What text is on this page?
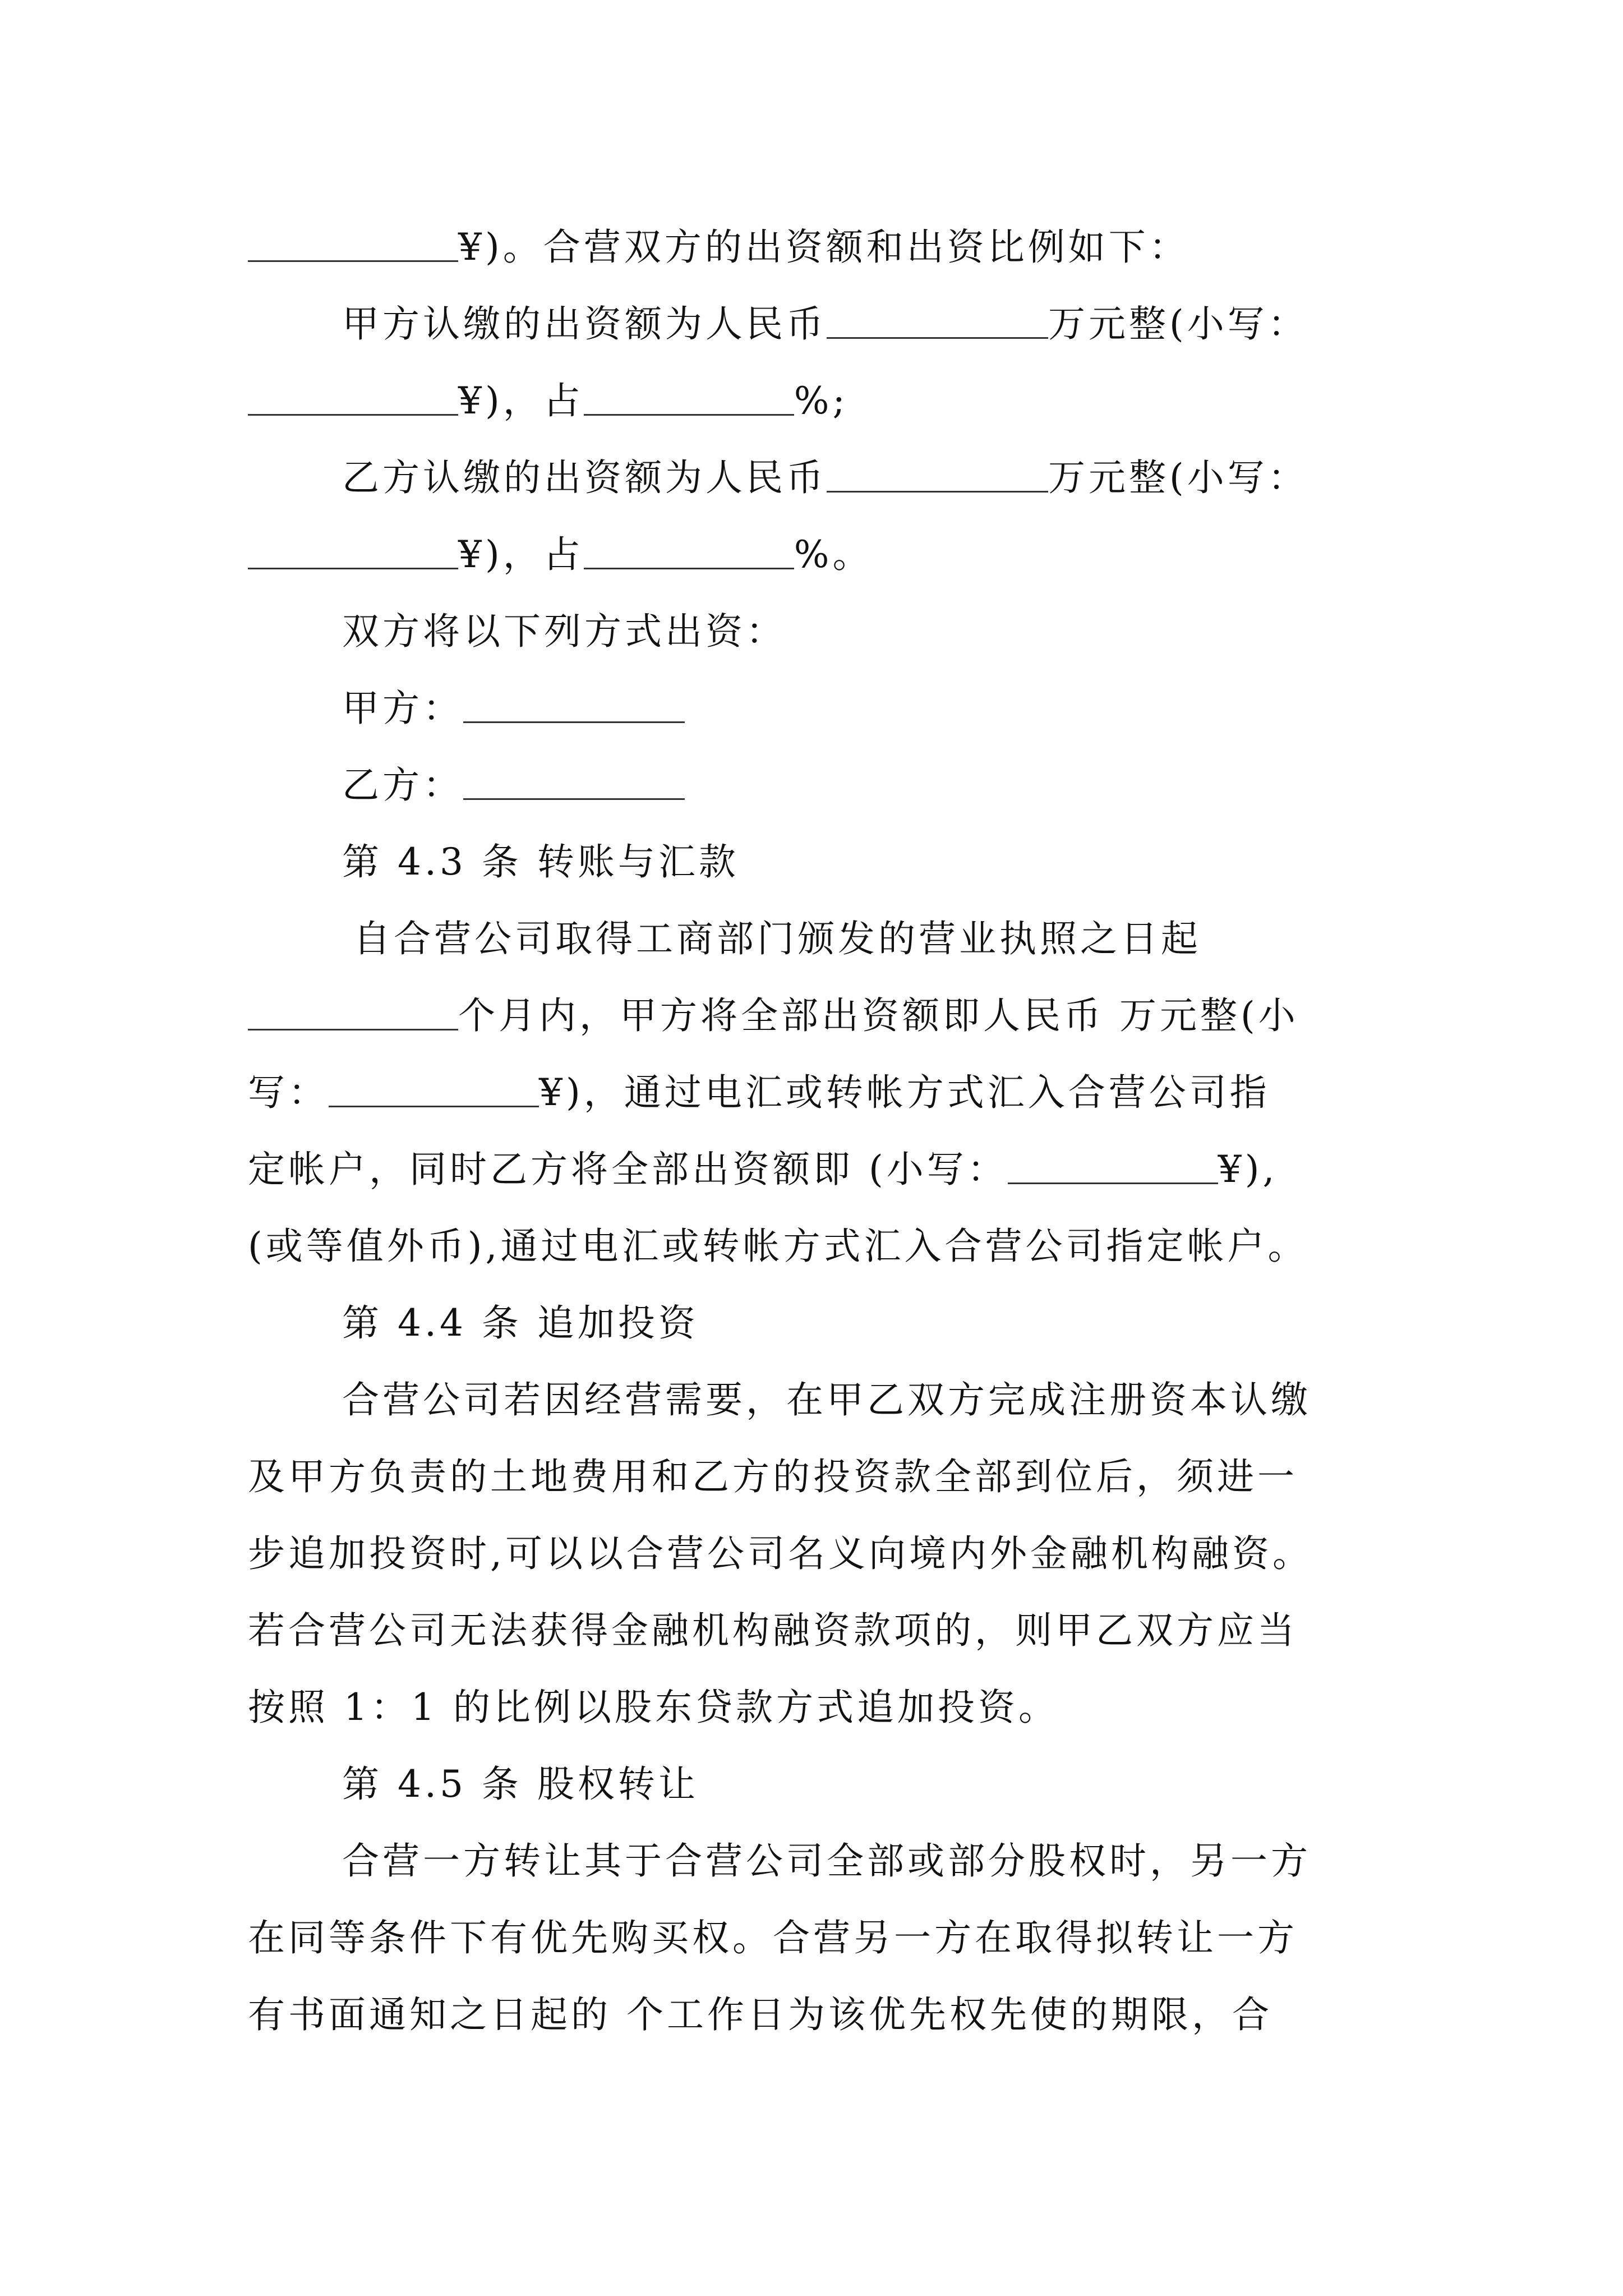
¥)。合营双方的出资额和出资比例如下：
甲方认缴的出资额为人民币	万元整(小写：
¥)，占	%;
乙方认缴的出资额为人民币	万元整(小写：
¥)，占	%。
双方将以下列方式出资：
甲方：
乙方：
第 4.3 条 转账与汇款
自合营公司取得工商部门颁发的营业执照之日起
个月内，甲方将全部出资额即人民币 万元整(小
写：	¥)，通过电汇或转帐方式汇入合营公司指
定帐户，同时乙方将全部出资额即 (小写：	¥),
(或等值外币),通过电汇或转帐方式汇入合营公司指定帐户。
第 4.4 条 追加投资
合营公司若因经营需要，在甲乙双方完成注册资本认缴
及甲方负责的土地费用和乙方的投资款全部到位后，须进一
步追加投资时,可以以合营公司名义向境内外金融机构融资。
若合营公司无法获得金融机构融资款项的，则甲乙双方应当
按照 1：1 的比例以股东贷款方式追加投资。
第 4.5 条 股权转让
合营一方转让其于合营公司全部或部分股权时，另一方
在同等条件下有优先购买权。合营另一方在取得拟转让一方
有书面通知之日起的 个工作日为该优先权先使的期限，合
